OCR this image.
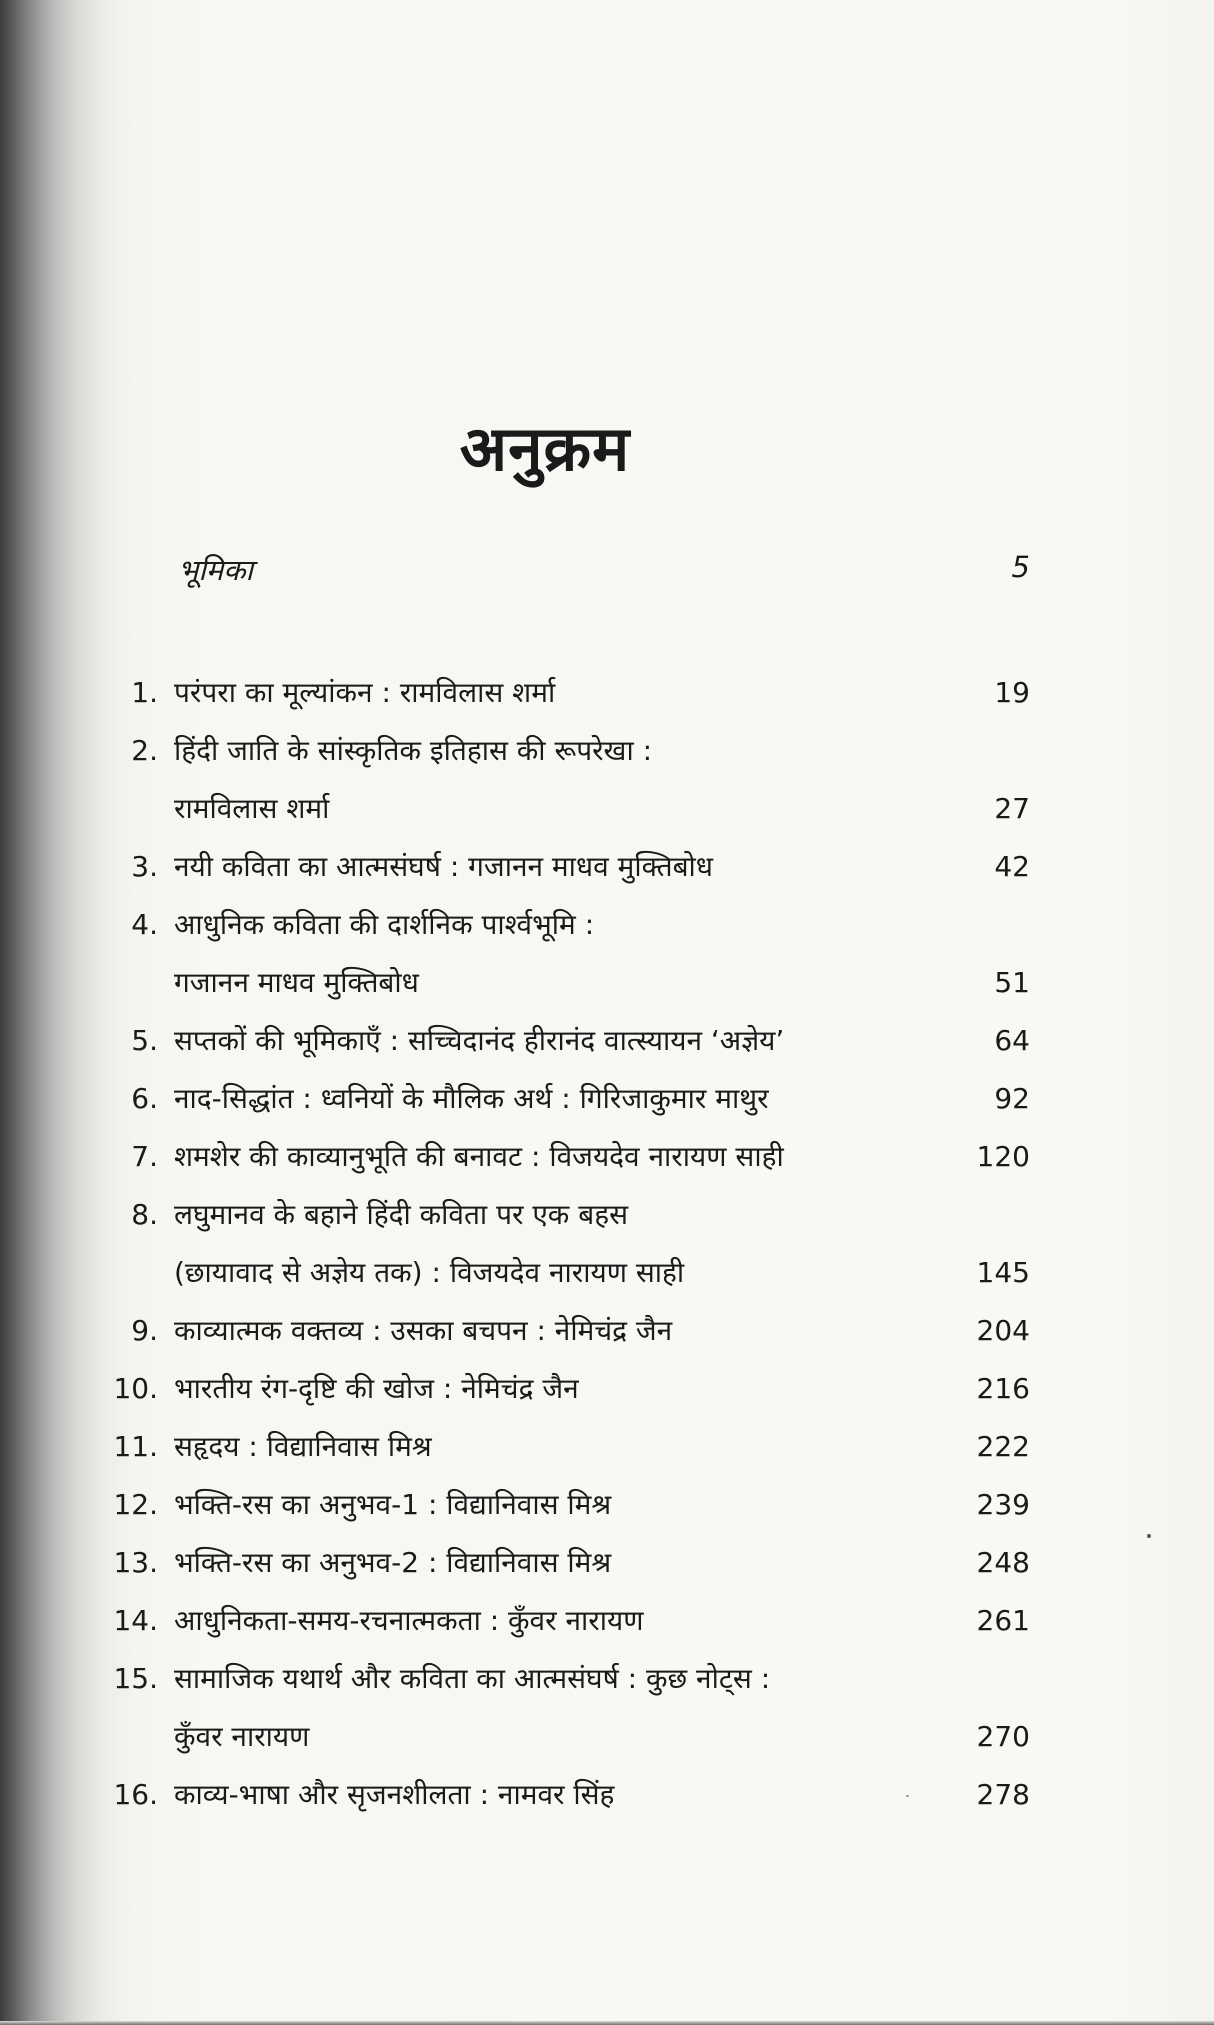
अनुक्रम
भूमिका	5
1. परंपरा का मूल्यांकन : रामविलास शर्मा	19
2. हिंदी जाति के सांस्कृतिक इतिहास की रूपरेखा :
रामविलास शर्मा	27
3. नयी कविता का आत्मसंघर्ष : गजानन माधव मुक्तिबोध	42
4. आधुनिक कविता की दार्शनिक पार्श्वभूमि :
गजानन माधव मुक्तिबोध	51
5. सप्तकों की भूमिकाएँ : सच्चिदानंद हीरानंद वात्स्यायन ‘अज्ञेय’	64
6. नाद-सिद्धांत : ध्वनियों के मौलिक अर्थ : गिरिजाकुमार माथुर	92
7. शमशेर की काव्यानुभूति की बनावट : विजयदेव नारायण साही	120
8. लघुमानव के बहाने हिंदी कविता पर एक बहस
(छायावाद से अज्ञेय तक) : विजयदेव नारायण साही	145
9. काव्यात्मक वक्तव्य : उसका बचपन : नेमिचंद्र जैन	204
10. भारतीय रंग-दृष्टि की खोज : नेमिचंद्र जैन	216
11. सहृदय : विद्यानिवास मिश्र	222
12. भक्ति-रस का अनुभव-1 : विद्यानिवास मिश्र	239
13. भक्ति-रस का अनुभव-2 : विद्यानिवास मिश्र	248
14. आधुनिकता-समय-रचनात्मकता : कुँवर नारायण	261
15. सामाजिक यथार्थ और कविता का आत्मसंघर्ष : कुछ नोट्स :
कुँवर नारायण	270
16. काव्य-भाषा और सृजनशीलता : नामवर सिंह	278
